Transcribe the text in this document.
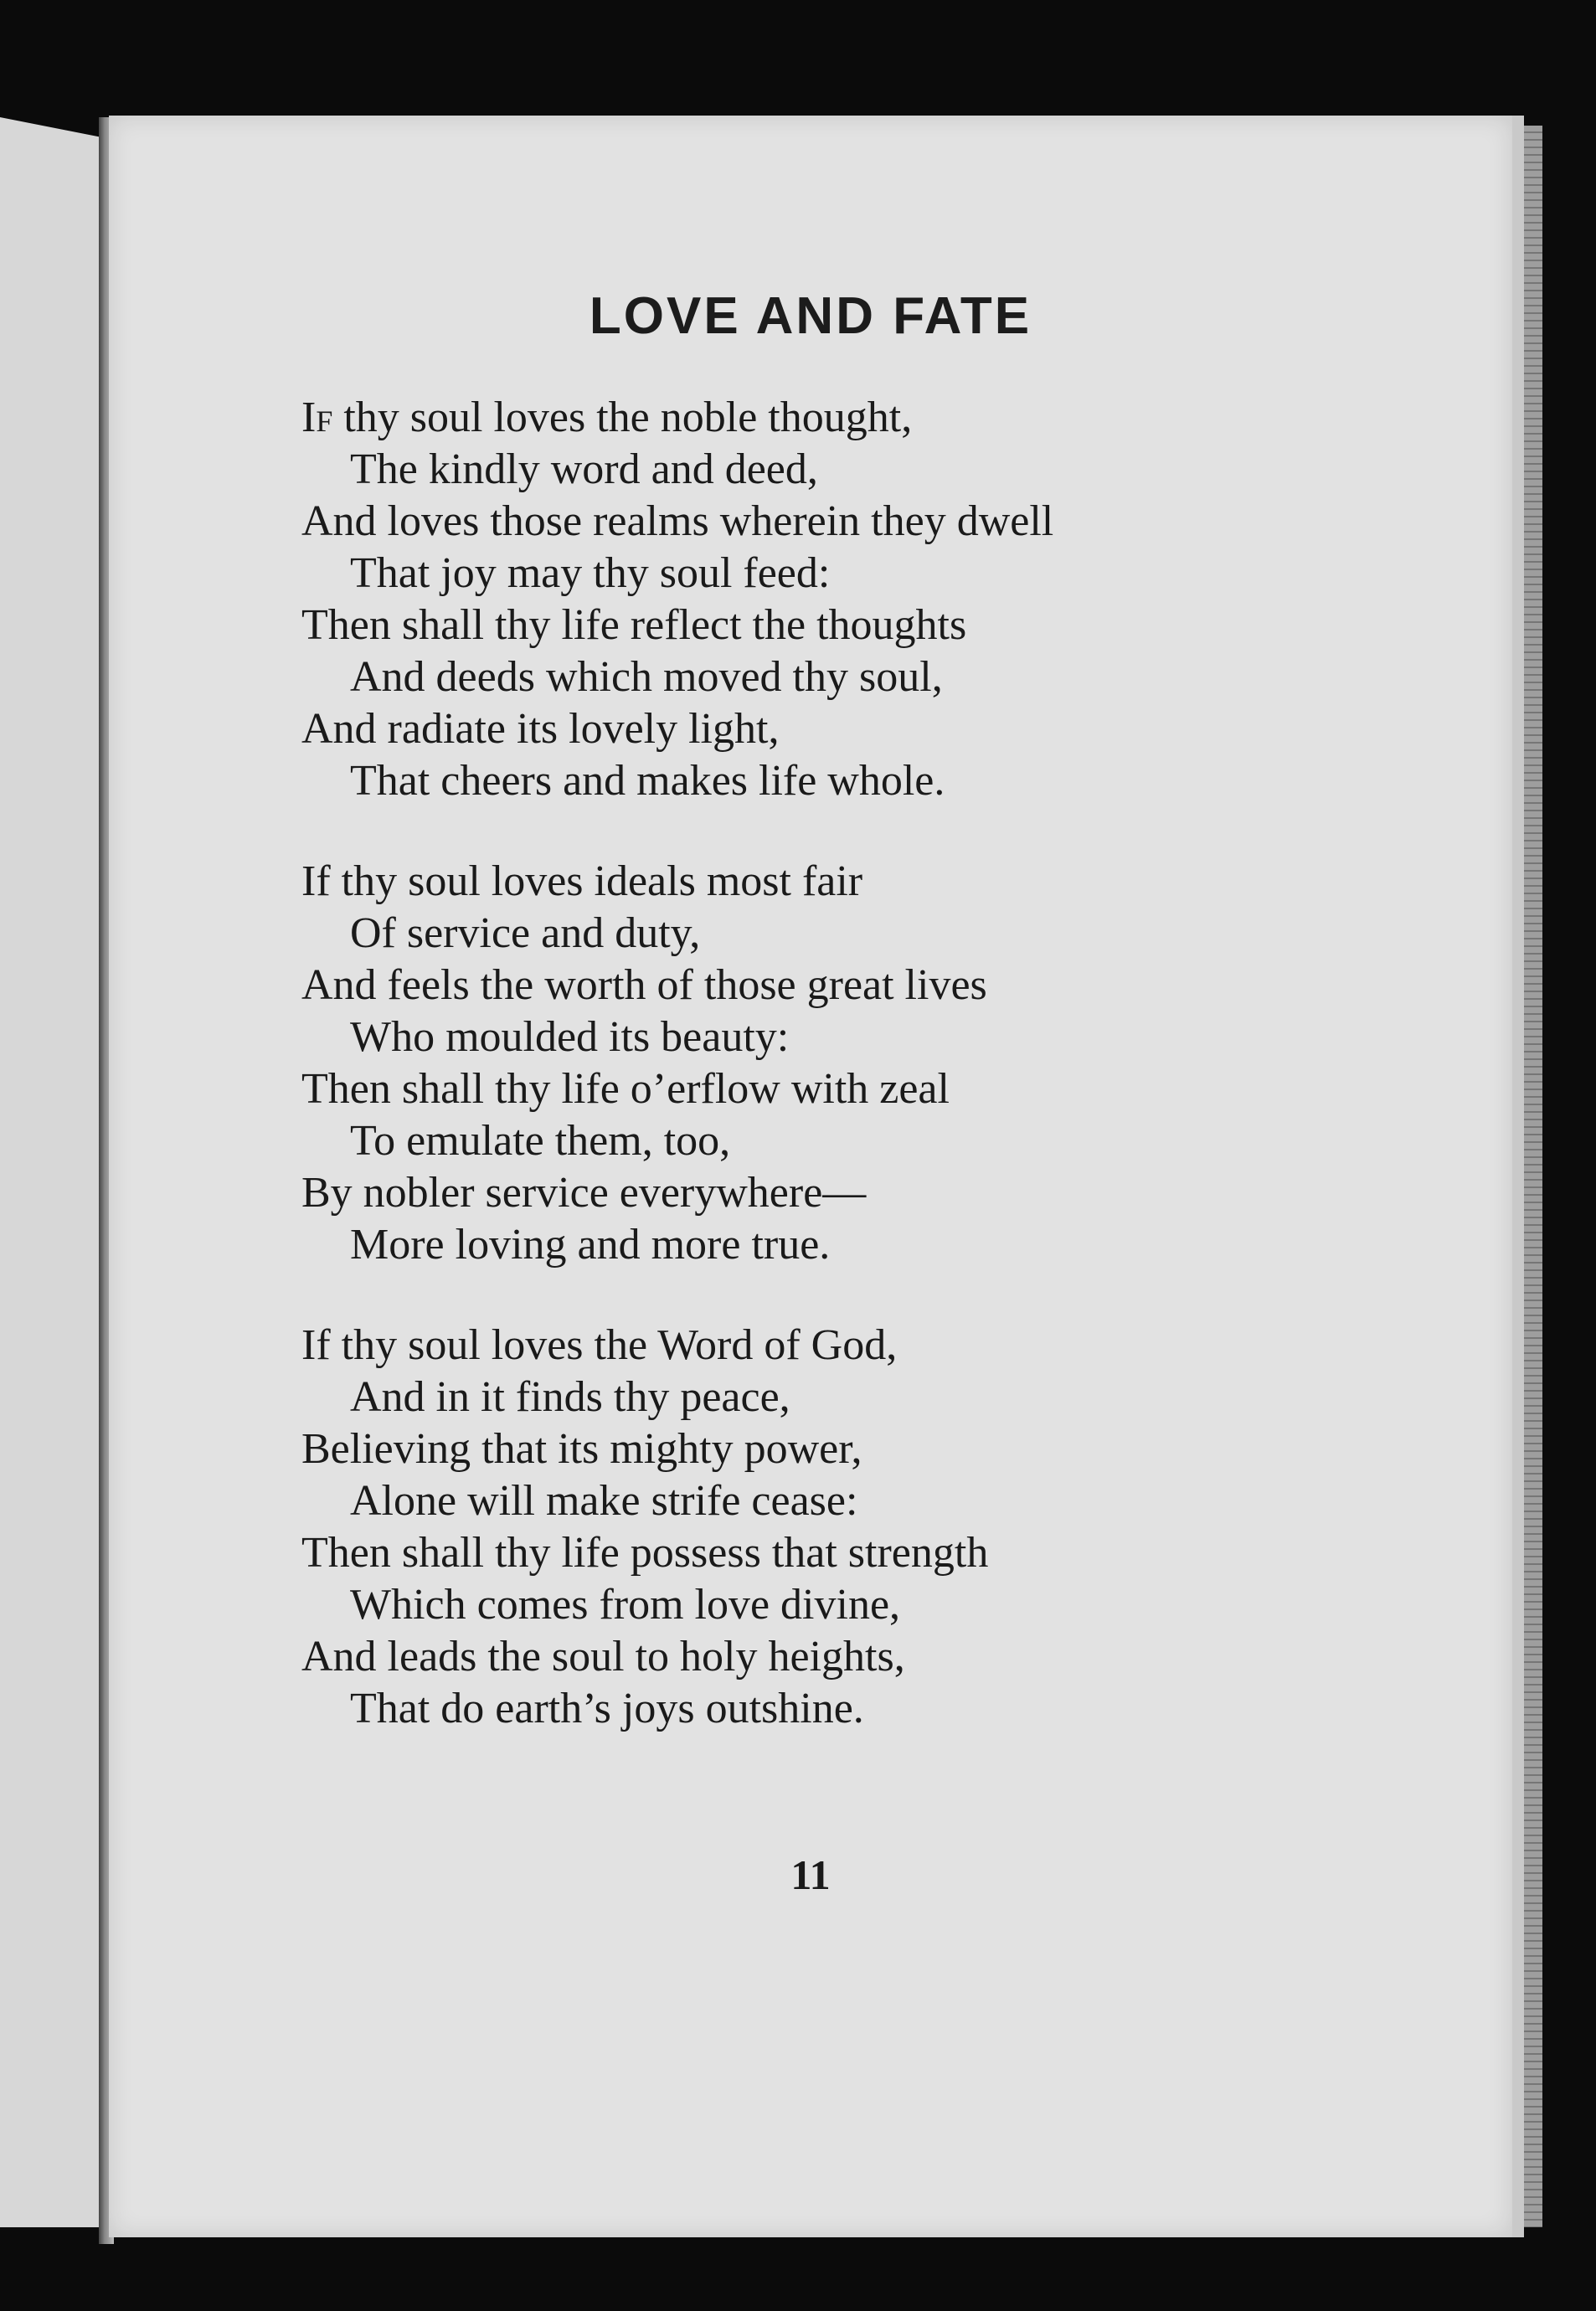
LOVE AND FATE
If thy soul loves the noble thought,
The kindly word and deed,
And loves those realms wherein they dwell
That joy may thy soul feed:
Then shall thy life reflect the thoughts
And deeds which moved thy soul,
And radiate its lovely light,
That cheers and makes life whole.
If thy soul loves ideals most fair
Of service and duty,
And feels the worth of those great lives
Who moulded its beauty:
Then shall thy life o’erflow with zeal
To emulate them, too,
By nobler service everywhere—
More loving and more true.
If thy soul loves the Word of God,
And in it finds thy peace,
Believing that its mighty power,
Alone will make strife cease:
Then shall thy life possess that strength
Which comes from love divine,
And leads the soul to holy heights,
That do earth’s joys outshine.
11
